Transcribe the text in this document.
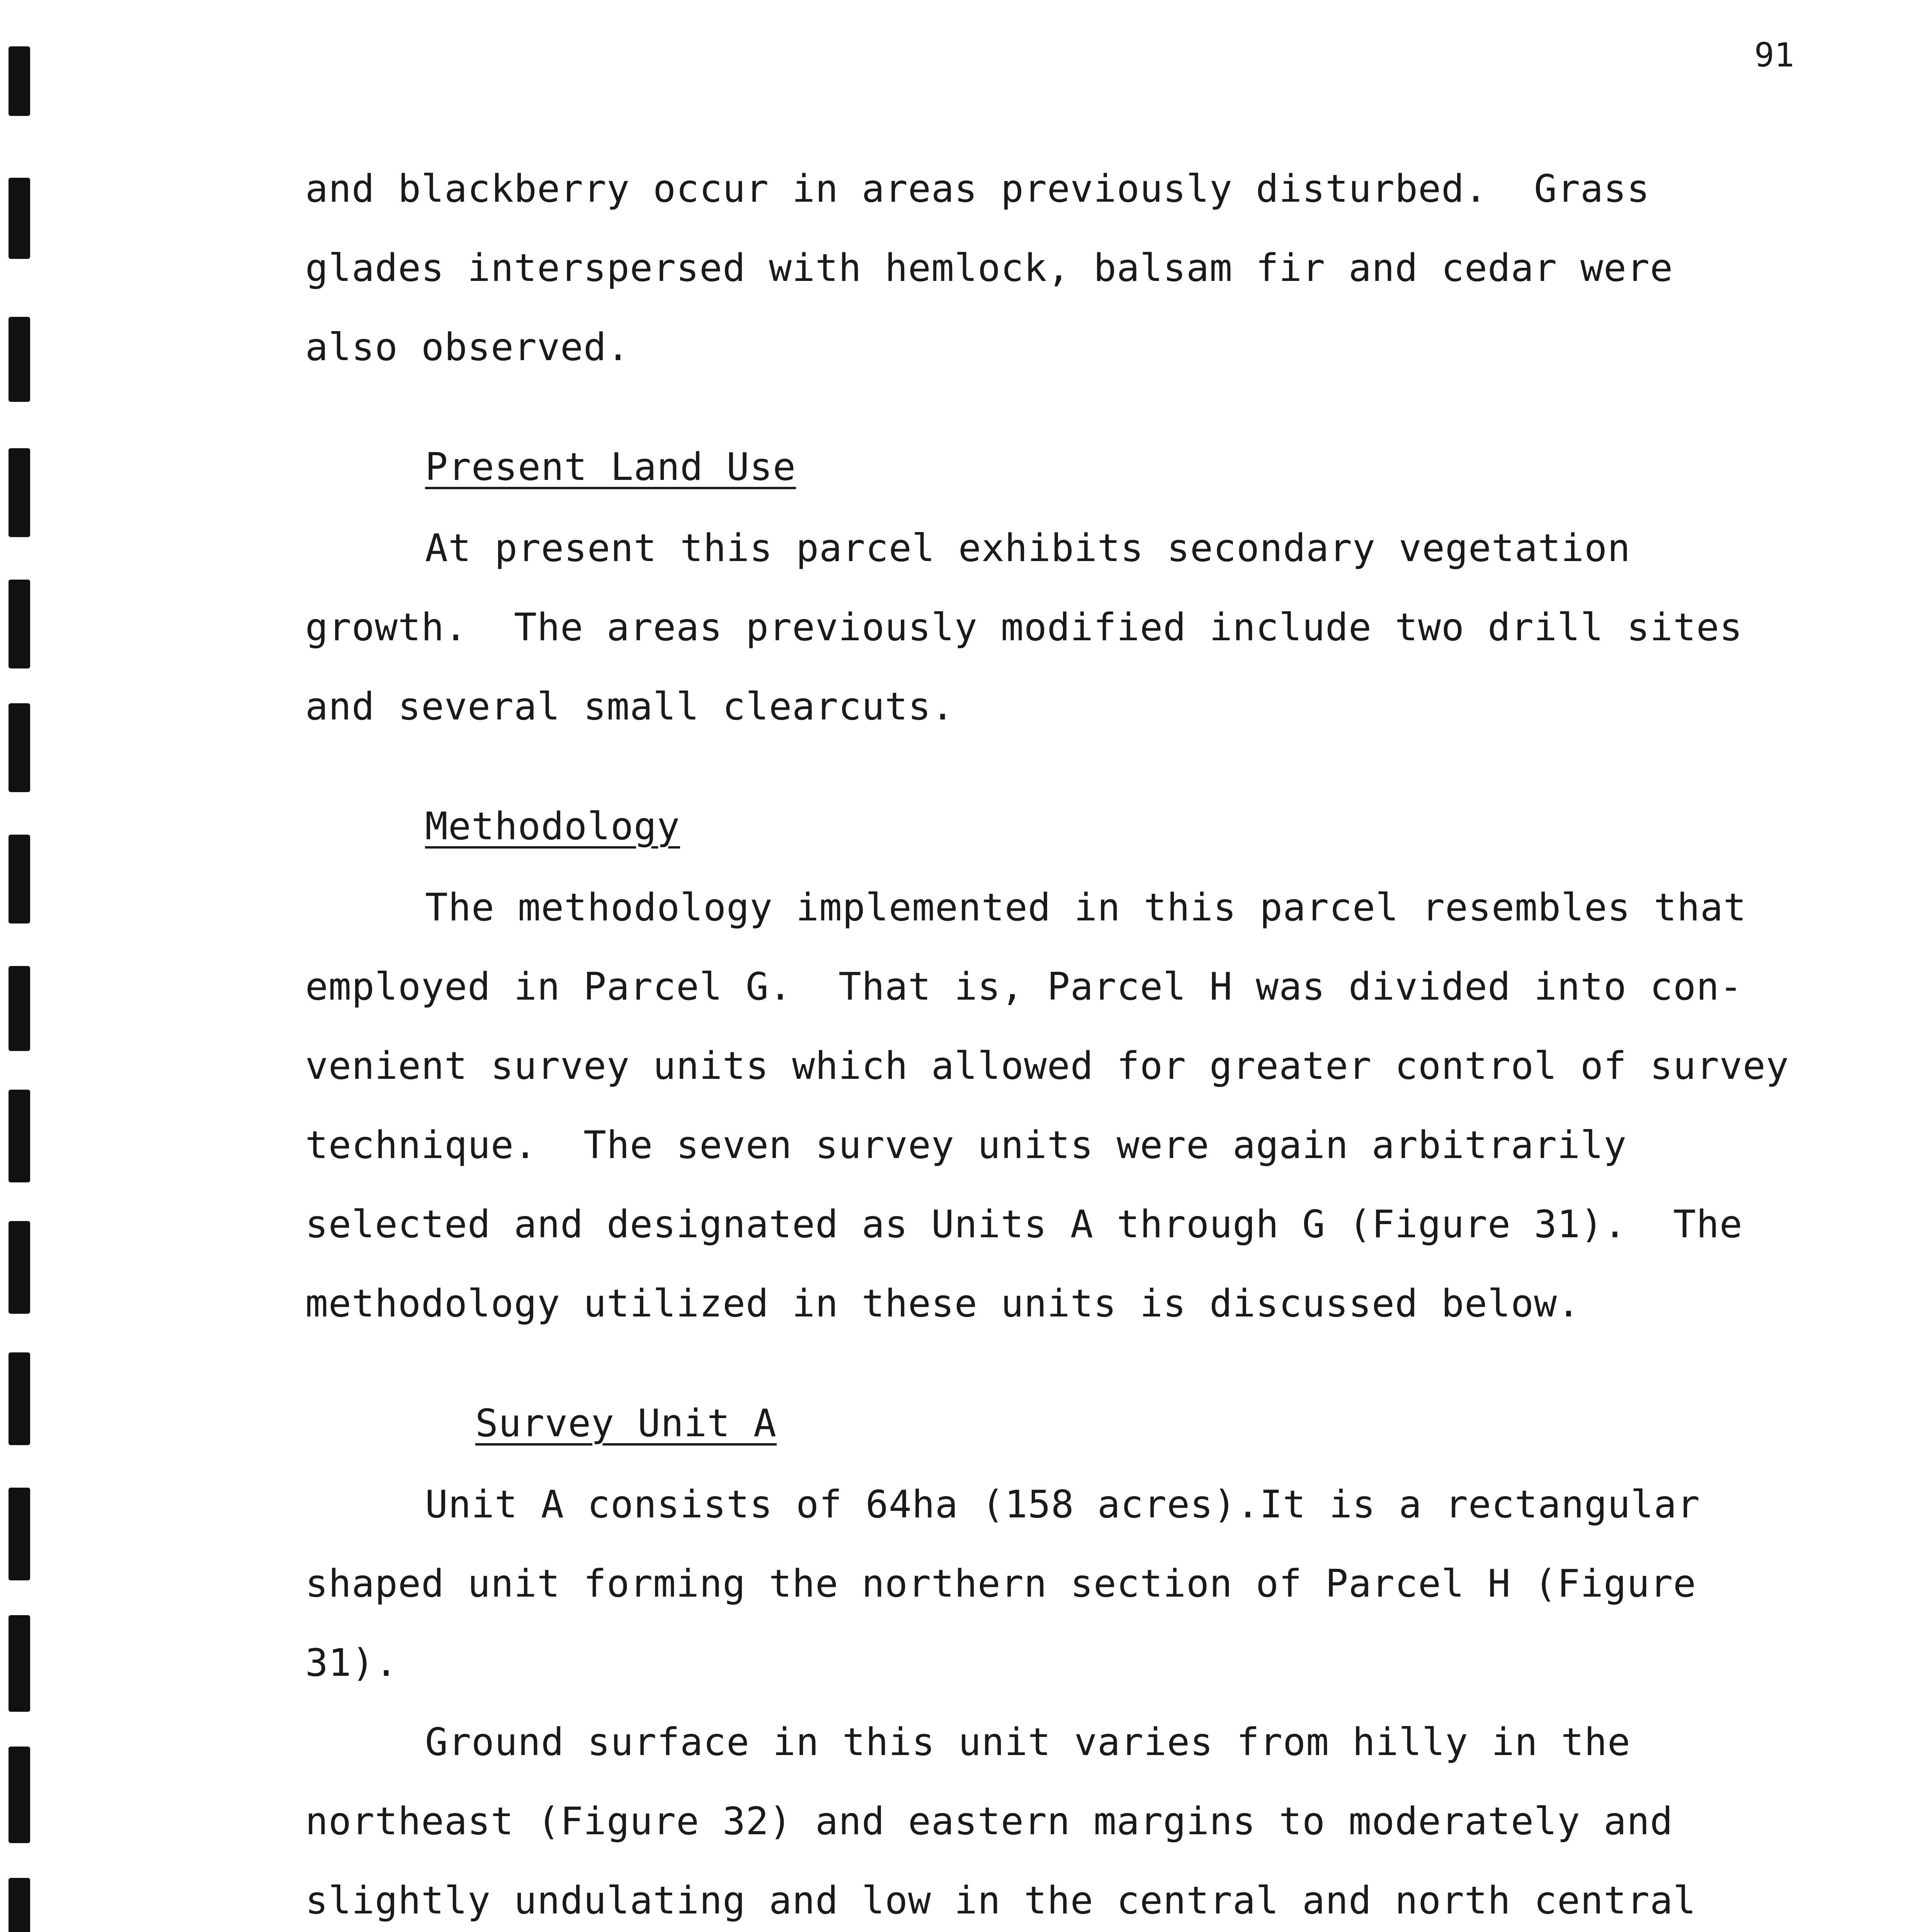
91
and blackberry occur in areas previously disturbed.  Grass
glades interspersed with hemlock, balsam fir and cedar were
also observed.
Present Land Use
At present this parcel exhibits secondary vegetation
growth.  The areas previously modified include two drill sites
and several small clearcuts.
Methodology
The methodology implemented in this parcel resembles that
employed in Parcel G.  That is, Parcel H was divided into con-
venient survey units which allowed for greater control of survey
technique.  The seven survey units were again arbitrarily
selected and designated as Units A through G (Figure 31).  The
methodology utilized in these units is discussed below.
Survey Unit A
Unit A consists of 64ha (158 acres).It is a rectangular
shaped unit forming the northern section of Parcel H (Figure
31).
Ground surface in this unit varies from hilly in the
northeast (Figure 32) and eastern margins to moderately and
slightly undulating and low in the central and north central
